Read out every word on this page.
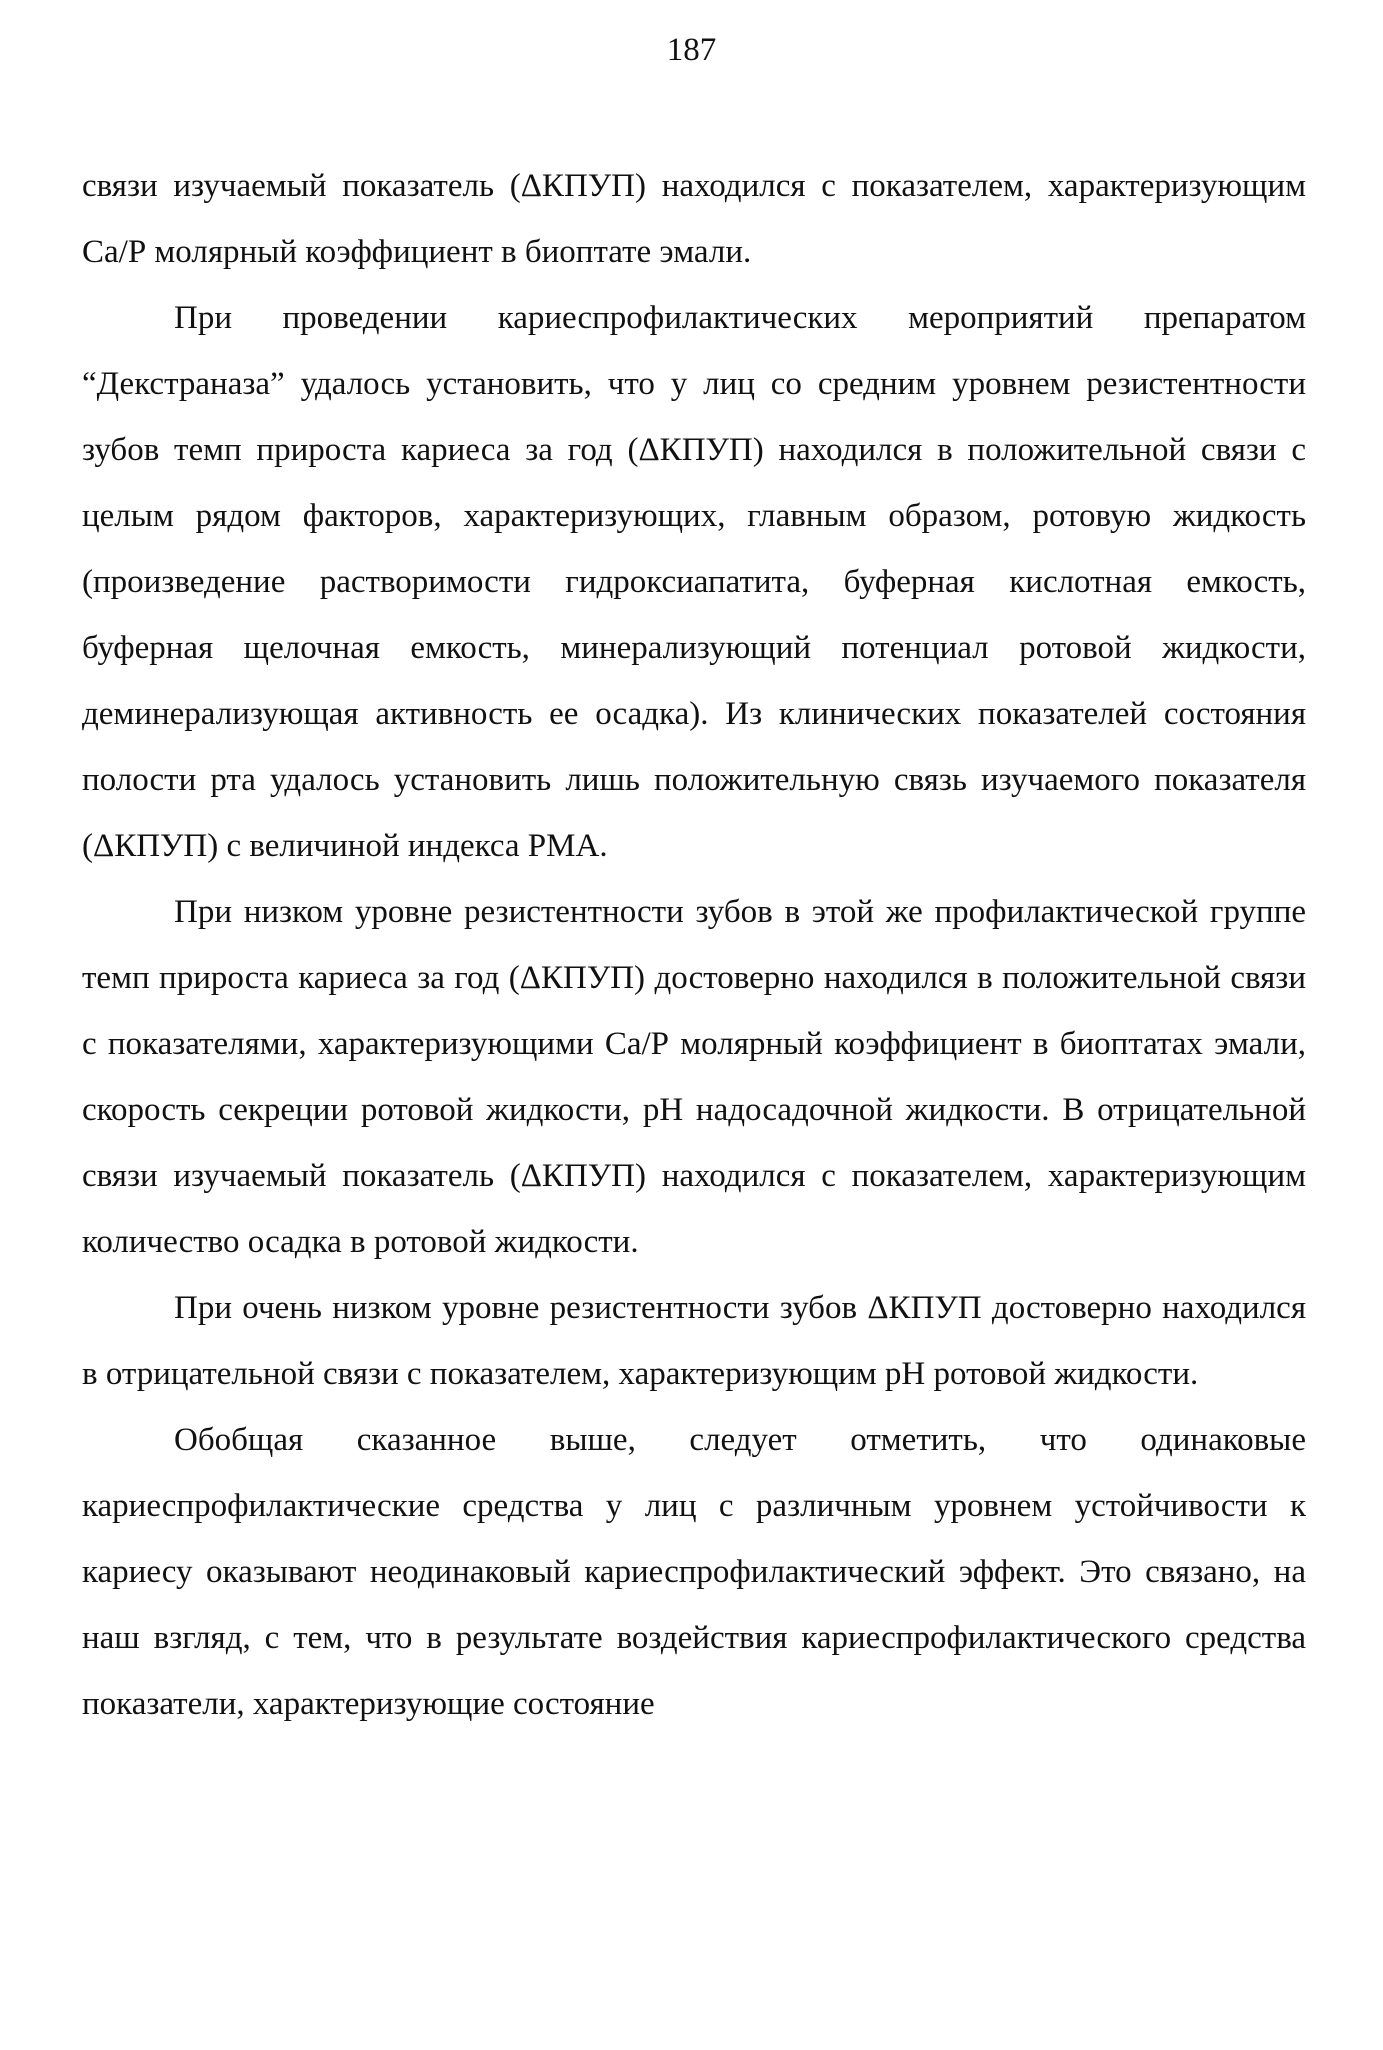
187

связи изучаемый показатель (ΔКПУП) находился с показателем, характеризующим Са/Р молярный коэффициент в биоптате эмали.

При проведении кариеспрофилактических мероприятий препаратом “Декстраназа” удалось установить, что у лиц со средним уровнем резистентности зубов темп прироста кариеса за год (ΔКПУП) находился в положительной связи с целым рядом факторов, характеризующих, главным образом, ротовую жидкость (произведение растворимости гидроксиапатита, буферная кислотная емкость, буферная щелочная емкость, минерализующий потенциал ротовой жидкости, деминерализующая активность ее осадка). Из клинических показателей состояния полости рта удалось установить лишь положительную связь изучаемого показателя (ΔКПУП) с величиной индекса РМА.

При низком уровне резистентности зубов в этой же профилактической группе темп прироста кариеса за год (ΔКПУП) достоверно находился в положительной связи с показателями, характеризующими Са/Р молярный коэффициент в биоптатах эмали, скорость секреции ротовой жидкости, рН надосадочной жидкости. В отрицательной связи изучаемый показатель (ΔКПУП) находился с показателем, характеризующим количество осадка в ротовой жидкости.

При очень низком уровне резистентности зубов ΔКПУП достоверно находился в отрицательной связи с показателем, характеризующим рН ротовой жидкости.

Обобщая сказанное выше, следует отметить, что одинаковые кариеспрофилактические средства у лиц с различным уровнем устойчивости к кариесу оказывают неодинаковый кариеспрофилактический эффект. Это связано, на наш взгляд, с тем, что в результате воздействия кариеспрофилактического средства показатели, характеризующие состояние
